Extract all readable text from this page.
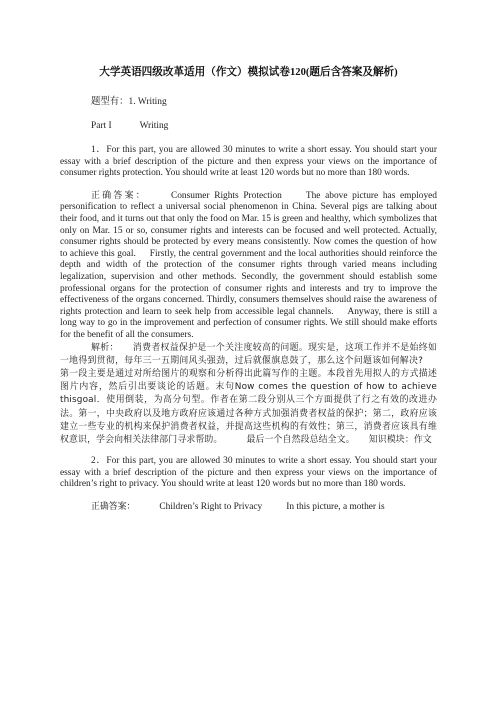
大学英语四级改革适用（作文）模拟试卷120(题后含答案及解析)
题型有：1. Writing
Part I	Writing

1．For this part, you are allowed 30 minutes to write a short essay. You should start your essay with a brief description of the picture and then express your views on the importance of consumer rights protection. You should write at least 120 words but no more than 180 words.

正确答案：	Consumer Rights Protection	The above picture has employed personification to reflect a universal social phenomenon in China. Several pigs are talking about their food, and it turns out that only the food on Mar. 15 is green and healthy, which symbolizes that only on Mar. 15 or so, consumer rights and interests can be focused and well protected. Actually, consumer rights should be protected by every means consistently. Now comes the question of how to achieve this goal. Firstly, the central government and the local authorities should reinforce the depth and width of the protection of the consumer rights through varied means including legalization, supervision and other methods. Secondly, the government should establish some professional organs for the protection of consumer rights and interests and try to improve the effectiveness of the organs concerned. Thirdly, consumers themselves should raise the awareness of rights protection and learn to seek help from accessible legal channels. Anyway, there is still a long way to go in the improvement and perfection of consumer rights. We still should make efforts for the benefit of all the consumers.

解析： 消费者权益保护是一个关注度较高的问题。现实是，这项工作并不是始终如一地得到贯彻，每年三一五期间风头强劲，过后就偃旗息鼓了，那么这个问题该如何解决?第一段主要是通过对所给图片的观察和分析得出此篇写作的主题。本段首先用拟人的方式描述图片内容，然后引出要谈论的话题。末句Now comes the question of how to achieve thisgoal．使用倒装，为高分句型。作者在第二段分别从三个方面提供了行之有效的改进办法。第一，中央政府以及地方政府应该通过各种方式加强消费者权益的保护；第二，政府应该建立一些专业的机构来保护消费者权益，并提高这些机构的有效性；第三，消费者应该具有维权意识，学会向相关法律部门寻求帮助。	最后一个自然段总结全文。 知识模块：作文

2．For this part, you are allowed 30 minutes to write a short essay. You should start your essay with a brief description of the picture and then express your views on the importance of children’s right to privacy. You should write at least 120 words but no more than 180 words.

正确答案：	Children’s Right to Privacy	In this picture, a mother is
